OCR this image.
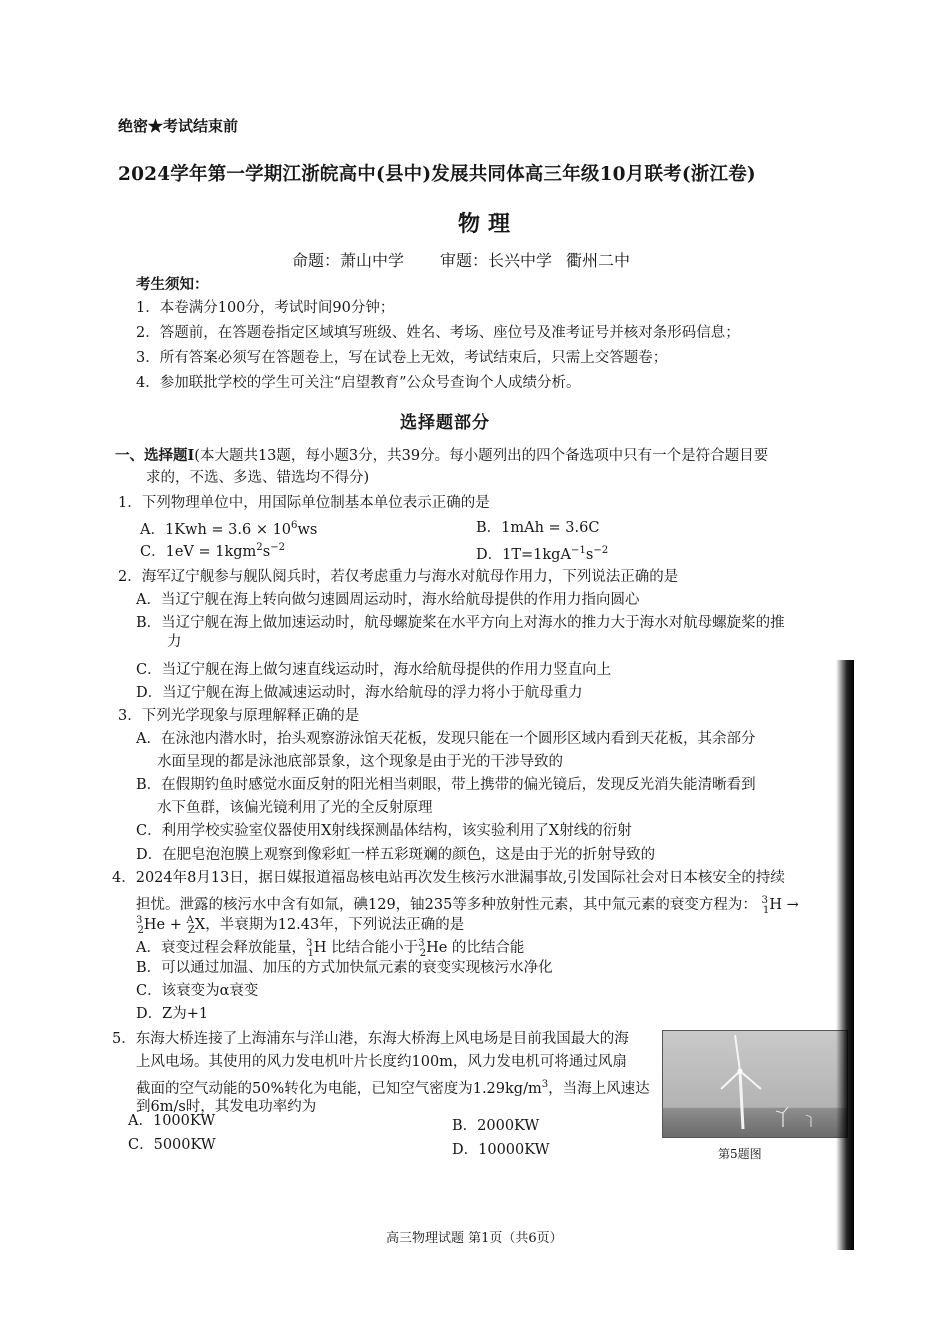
绝密★考试结束前
2024学年第一学期江浙皖高中(县中)发展共同体高三年级10月联考(浙江卷)
物理
命题：萧山中学 审题：长兴中学 衢州二中
考生须知：
1．本卷满分100分，考试时间90分钟；
2．答题前，在答题卷指定区域填写班级、姓名、考场、座位号及准考证号并核对条形码信息；
3．所有答案必须写在答题卷上，写在试卷上无效，考试结束后，只需上交答题卷；
4．参加联批学校的学生可关注“启望教育”公众号查询个人成绩分析。
选择题部分
一、选择题Ⅰ(本大题共13题，每小题3分，共39分。每小题列出的四个备选项中只有一个是符合题目要
求的，不选、多选、错选均不得分)
1．下列物理单位中，用国际单位制基本单位表示正确的是
A．$1Kwh = 3.6 \times 10^6ws$	B．1mAh = 3.6C
C．$1eV = 1kgm^2s^{-2}$	D．$1T=1kgA^{-1}s^{-2}$
2．海军辽宁舰参与舰队阅兵时，若仅考虑重力与海水对航母作用力，下列说法正确的是
A．当辽宁舰在海上转向做匀速圆周运动时，海水给航母提供的作用力指向圆心
B．当辽宁舰在海上做加速运动时，航母螺旋桨在水平方向上对海水的推力大于海水对航母螺旋桨的推
力
C．当辽宁舰在海上做匀速直线运动时，海水给航母提供的作用力竖直向上
D．当辽宁舰在海上做减速运动时，海水给航母的浮力将小于航母重力
3．下列光学现象与原理解释正确的是
A．在泳池内潜水时，抬头观察游泳馆天花板，发现只能在一个圆形区域内看到天花板，其余部分
水面呈现的都是泳池底部景象，这个现象是由于光的干涉导致的
B．在假期钓鱼时感觉水面反射的阳光相当刺眼，带上携带的偏光镜后，发现反光消失能清晰看到
水下鱼群，该偏光镜利用了光的全反射原理
C．利用学校实验室仪器使用X射线探测晶体结构，该实验利用了X射线的衍射
D．在肥皂泡泡膜上观察到像彩虹一样五彩斑斓的颜色，这是由于光的折射导致的
4．2024年8月13日，据日媒报道福岛核电站再次发生核污水泄漏事故,引发国际社会对日本核安全的持续
担忧。泄露的核污水中含有如氚，碘129，铀235等多种放射性元素，其中氚元素的衰变方程为： $^3_1$H →
$^3_2$He + $^A_Z$X，半衰期为12.43年，下列说法正确的是
A．衰变过程会释放能量，$^3_1$H 比结合能小于$^3_2$He 的比结合能
B．可以通过加温、加压的方式加快氚元素的衰变实现核污水净化
C．该衰变为α衰变
D．Z为+1
5．东海大桥连接了上海浦东与洋山港，东海大桥海上风电场是目前我国最大的海
上风电场。其使用的风力发电机叶片长度约100m，风力发电机可将通过风扇
截面的空气动能的50%转化为电能，已知空气密度为$1.29kg/m^3$，当海上风速达
到6m/s时，其发电功率约为
A．1000KW	B．2000KW
C．5000KW	D．10000KW	第5题图
高三物理试题 第1页（共6页）
